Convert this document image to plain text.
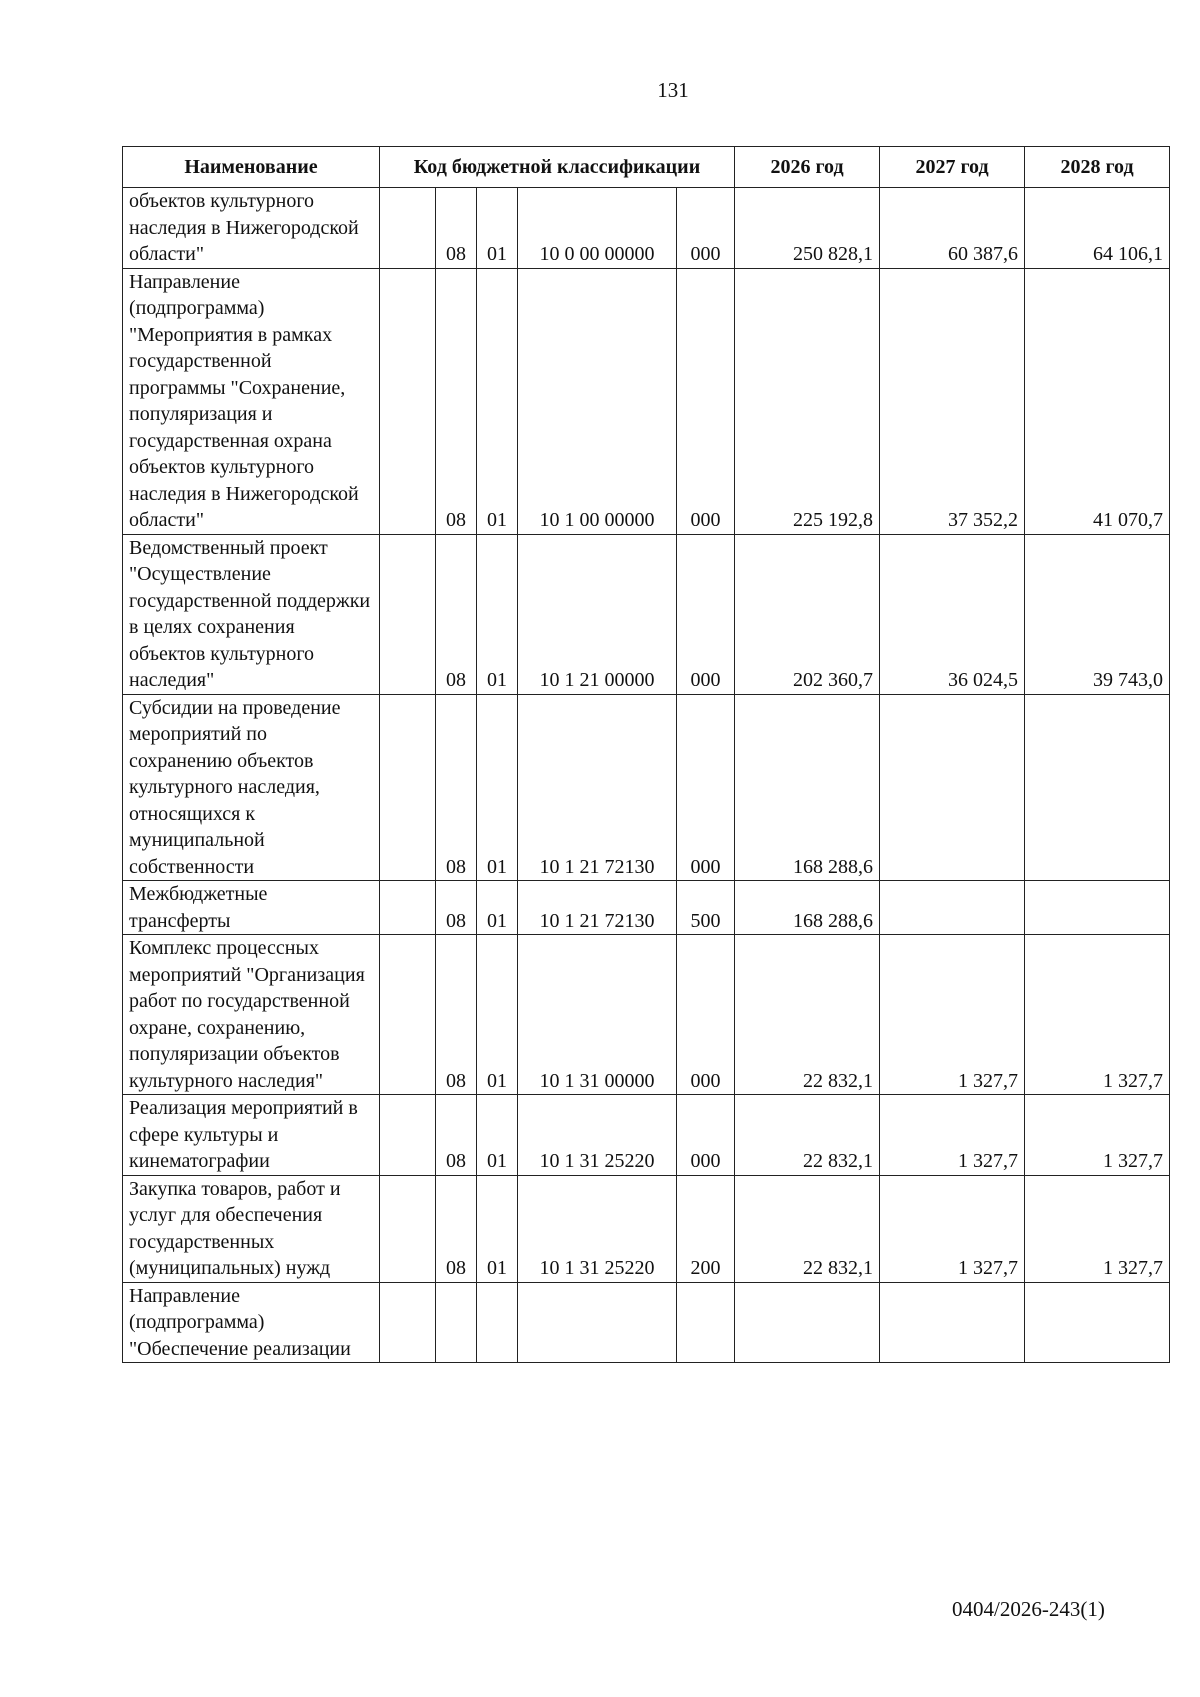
131
Наименование	Код бюджетной классификации					2026 год	2027 год	2028 год
объектов культурного наследия в Нижегородской области"		08	01	10 0 00 00000	000	250 828,1	60 387,6	64 106,1
Направление (подпрограмма) "Мероприятия в рамках государственной программы "Сохранение, популяризация и государственная охрана объектов культурного наследия в Нижегородской области"		08	01	10 1 00 00000	000	225 192,8	37 352,2	41 070,7
Ведомственный проект "Осуществление государственной поддержки в целях сохранения объектов культурного наследия"		08	01	10 1 21 00000	000	202 360,7	36 024,5	39 743,0
Субсидии на проведение мероприятий по сохранению объектов культурного наследия, относящихся к муниципальной собственности		08	01	10 1 21 72130	000	168 288,6		
Межбюджетные трансферты		08	01	10 1 21 72130	500	168 288,6		
Комплекс процессных мероприятий "Организация работ по государственной охране, сохранению, популяризации объектов культурного наследия"		08	01	10 1 31 00000	000	22 832,1	1 327,7	1 327,7
Реализация мероприятий в сфере культуры и кинематографии		08	01	10 1 31 25220	000	22 832,1	1 327,7	1 327,7
Закупка товаров, работ и услуг для обеспечения государственных (муниципальных) нужд		08	01	10 1 31 25220	200	22 832,1	1 327,7	1 327,7
Направление (подпрограмма) "Обеспечение реализации								
0404/2026-243(1)
